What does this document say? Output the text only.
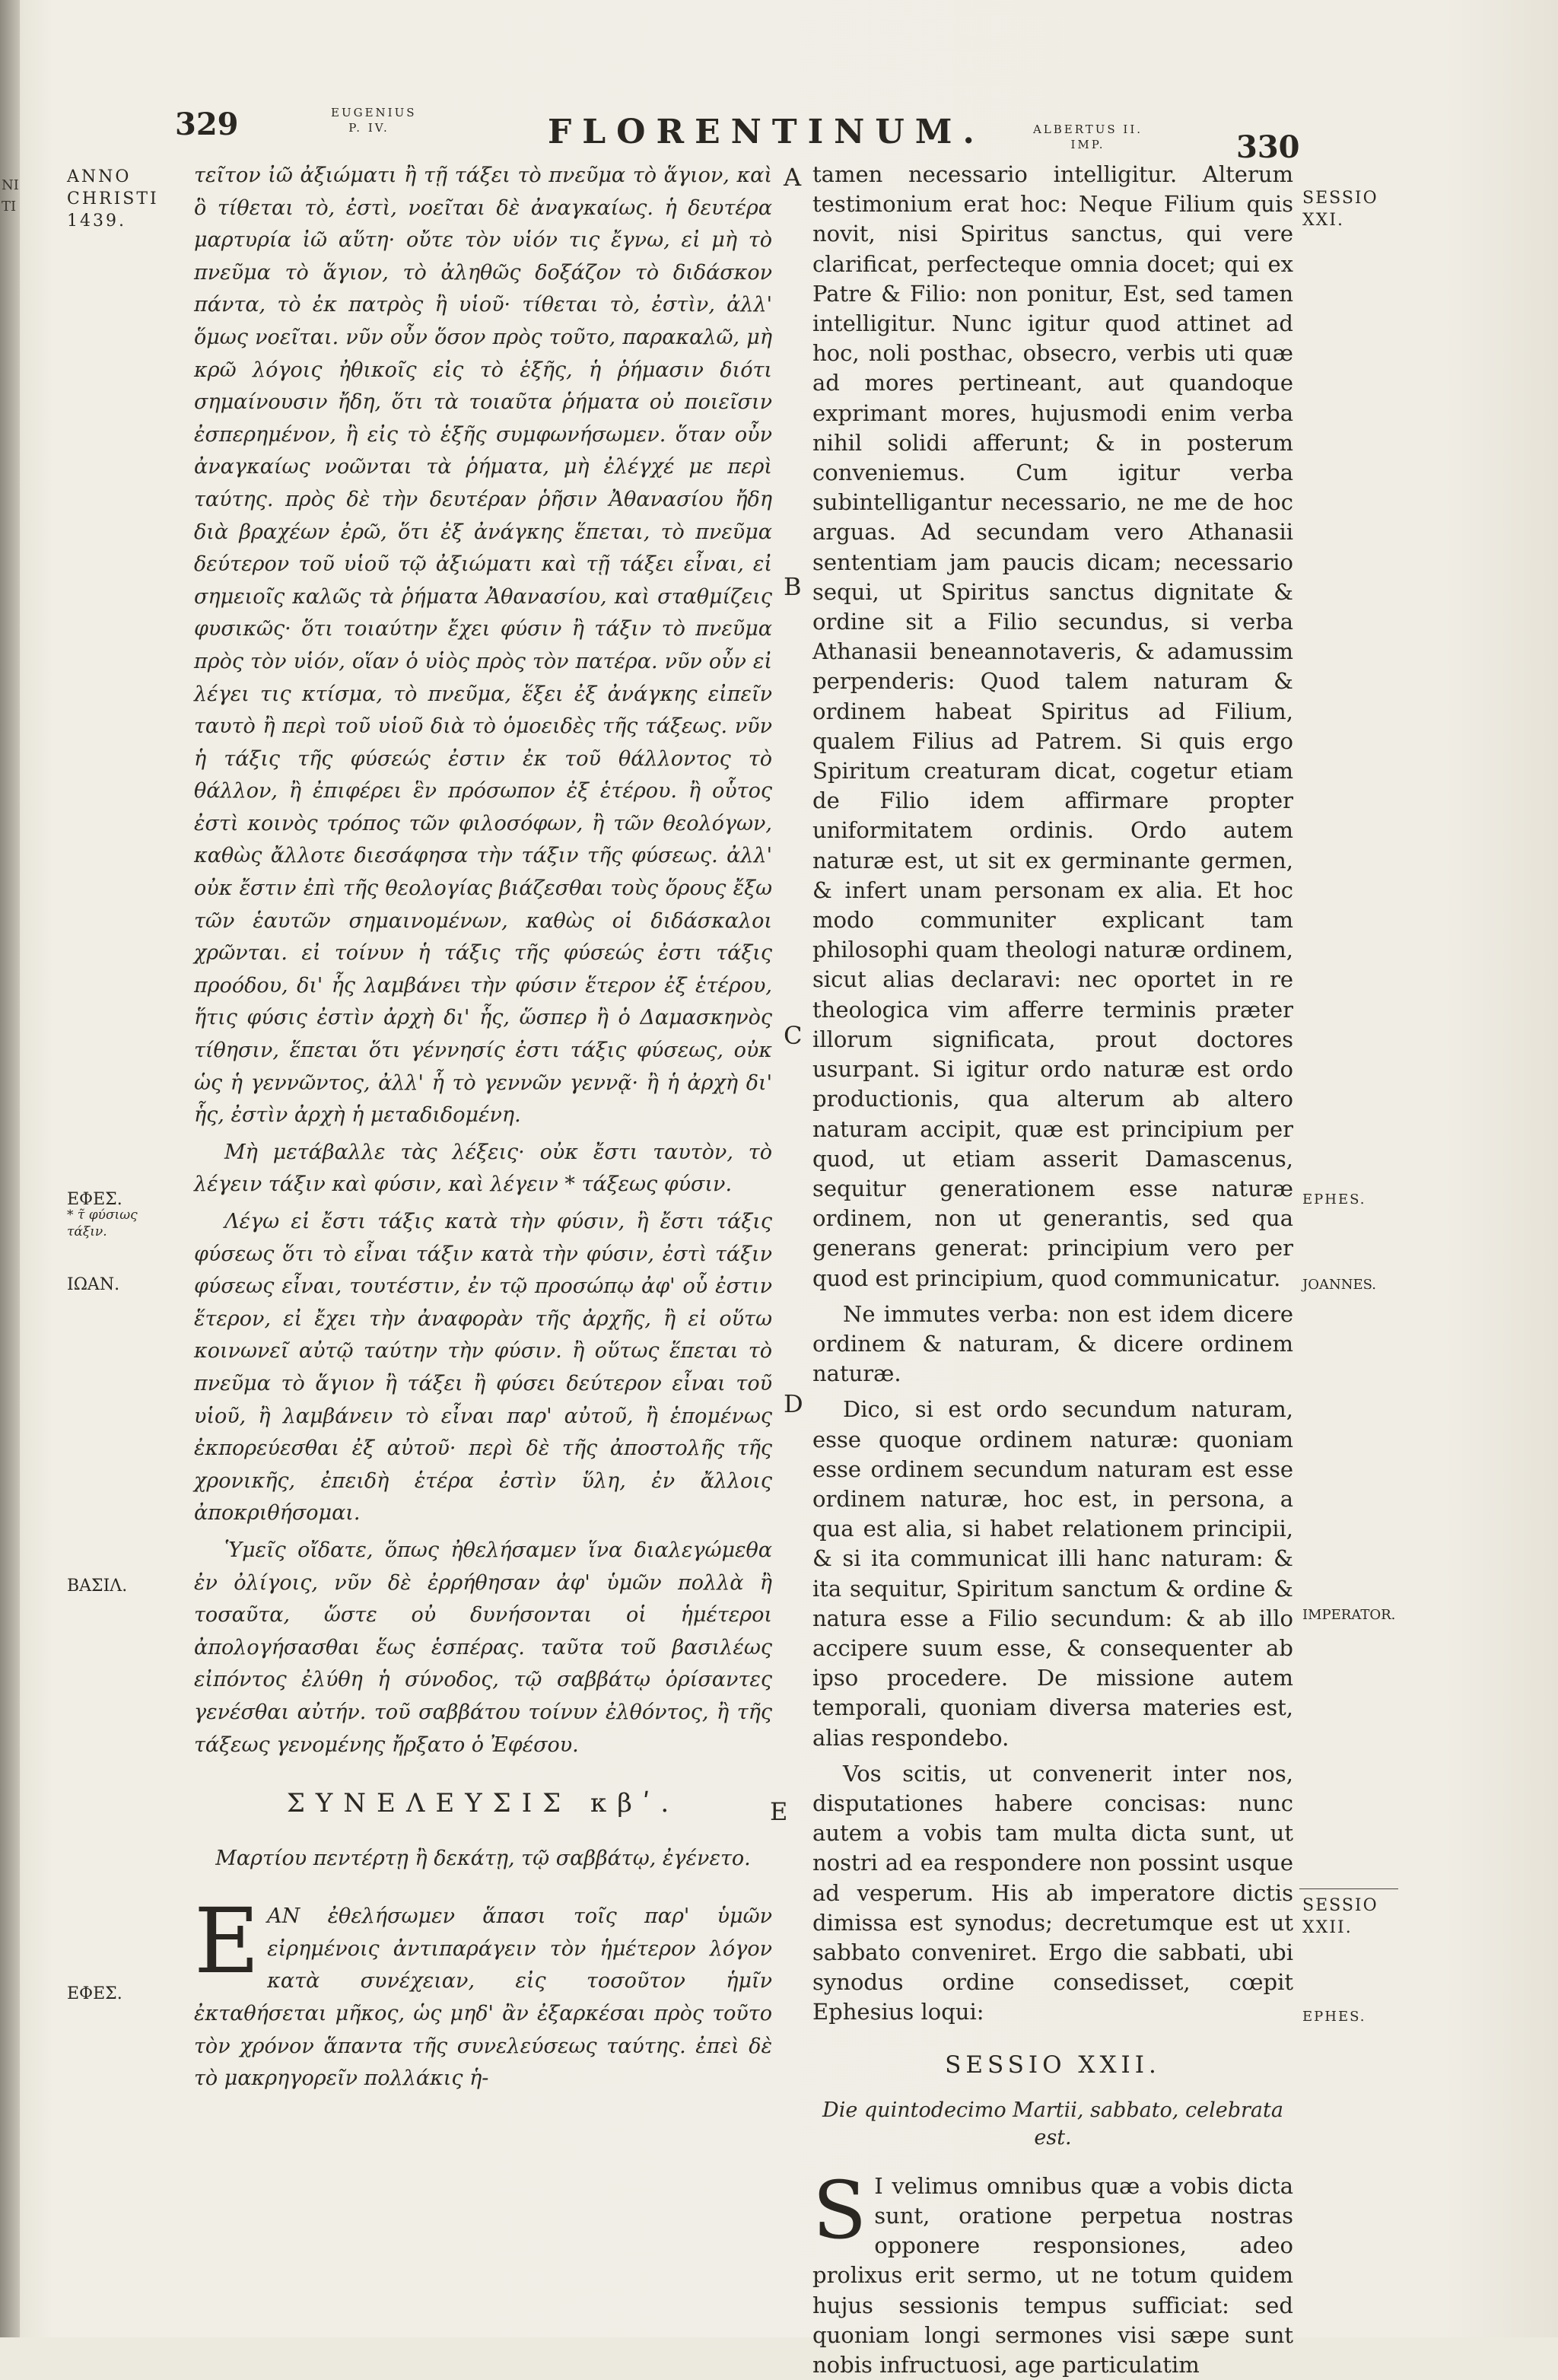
NI
TI
329	EUGENIUS
P. IV.	FLORENTINUM.	ALBERTUS II.
IMP.	330
ANNO
CHRISTI
1439.
ΕΦΕΣ.
* τ̃ φύσιως
τάξιν.
ΙΩΑΝ.
ΒΑΣΙΛ.
ΕΦΕΣ.
SESSIO
XXI.
EPHES.
JOANNES.
IMPERATOR.
SESSIO
XXII.
EPHES.
A
B
C
D
E

τεῖτον ἰῶ ἀξιώματι ἢ τῇ τάξει τὸ πνεῦμα τὸ ἅγιον, καὶ ὃ τίθεται τὸ, ἐστὶ, νοεῖται δὲ ἀναγκαίως. ἡ δευτέρα μαρτυρία ἰῶ αὕτη· οὔτε τὸν υἱόν τις ἔγνω, εἰ μὴ τὸ πνεῦμα τὸ ἅγιον, τὸ ἀληθῶς δοξάζον τὸ διδάσκον πάντα, τὸ ἐκ πατρὸς ἢ υἱοῦ· τίθεται τὸ, ἐστὶν, ἀλλ' ὅμως νοεῖται. νῦν οὖν ὅσον πρὸς τοῦτο, παρακαλῶ, μὴ κρῶ λόγοις ἠθικοῖς εἰς τὸ ἑξῆς, ἡ ῥήμασιν διότι σημαίνουσιν ἤδη, ὅτι τὰ τοιαῦτα ῥήματα οὐ ποιεῖσιν ἐσπερημένον, ἢ εἰς τὸ ἑξῆς συμφωνήσωμεν. ὅταν οὖν ἀναγκαίως νοῶνται τὰ ῥήματα, μὴ ἐλέγχέ με περὶ ταύτης. πρὸς δὲ τὴν δευτέραν ῥῆσιν Ἀθανασίου ἤδη διὰ βραχέων ἐρῶ, ὅτι ἐξ ἀνάγκης ἕπεται, τὸ πνεῦμα δεύτερον τοῦ υἱοῦ τῷ ἀξιώματι καὶ τῇ τάξει εἶναι, εἰ σημειοῖς καλῶς τὰ ῥήματα Ἀθανασίου, καὶ σταθμίζεις φυσικῶς· ὅτι τοιαύτην ἔχει φύσιν ἢ τάξιν τὸ πνεῦμα πρὸς τὸν υἱόν, οἵαν ὁ υἱὸς πρὸς τὸν πατέρα. νῦν οὖν εἰ λέγει τις κτίσμα, τὸ πνεῦμα, ἕξει ἐξ ἀνάγκης εἰπεῖν ταυτὸ ἢ περὶ τοῦ υἱοῦ διὰ τὸ ὁμοειδὲς τῆς τάξεως. νῦν ἡ τάξις τῆς φύσεώς ἐστιν ἐκ τοῦ θάλλοντος τὸ θάλλον, ἢ ἐπιφέρει ἓν πρόσωπον ἐξ ἑτέρου. ἢ οὗτος ἐστὶ κοινὸς τρόπος τῶν φιλοσόφων, ἢ τῶν θεολόγων, καθὼς ἄλλοτε διεσάφησα τὴν τάξιν τῆς φύσεως. ἀλλ' οὐκ ἔστιν ἐπὶ τῆς θεολογίας βιάζεσθαι τοὺς ὅρους ἔξω τῶν ἑαυτῶν σημαινομένων, καθὼς οἱ διδάσκαλοι χρῶνται. εἰ τοίνυν ἡ τάξις τῆς φύσεώς ἐστι τάξις προόδου, δι' ἧς λαμβάνει τὴν φύσιν ἕτερον ἐξ ἑτέρου, ἥτις φύσις ἐστὶν ἀρχὴ δι' ἧς, ὥσπερ ἢ ὁ Δαμασκηνὸς τίθησιν, ἕπεται ὅτι γέννησίς ἐστι τάξις φύσεως, οὐκ ὡς ἡ γεννῶντος, ἀλλ' ἧ τὸ γεννῶν γεννᾷ· ἢ ἡ ἀρχὴ δι' ἧς, ἐστὶν ἀρχὴ ἡ μεταδιδομένη.

Μὴ μετάβαλλε τὰς λέξεις· οὐκ ἔστι ταυτὸν, τὸ λέγειν τάξιν καὶ φύσιν, καὶ λέγειν * τάξεως φύσιν.

Λέγω εἰ ἔστι τάξις κατὰ τὴν φύσιν, ἢ ἔστι τάξις φύσεως ὅτι τὸ εἶναι τάξιν κατὰ τὴν φύσιν, ἐστὶ τάξιν φύσεως εἶναι, τουτέστιν, ἐν τῷ προσώπῳ ἀφ' οὗ ἐστιν ἕτερον, εἰ ἔχει τὴν ἀναφορὰν τῆς ἀρχῆς, ἢ εἰ οὕτω κοινωνεῖ αὐτῷ ταύτην τὴν φύσιν. ἢ οὕτως ἕπεται τὸ πνεῦμα τὸ ἅγιον ἢ τάξει ἢ φύσει δεύτερον εἶναι τοῦ υἱοῦ, ἢ λαμβάνειν τὸ εἶναι παρ' αὐτοῦ, ἢ ἑπομένως ἐκπορεύεσθαι ἐξ αὐτοῦ· περὶ δὲ τῆς ἀποστολῆς τῆς χρονικῆς, ἐπειδὴ ἑτέρα ἐστὶν ὕλη, ἐν ἄλλοις ἀποκριθήσομαι.

Ὑμεῖς οἴδατε, ὅπως ἠθελήσαμεν ἵνα διαλεγώμεθα ἐν ὀλίγοις, νῦν δὲ ἐρρήθησαν ἀφ' ὑμῶν πολλὰ ἢ τοσαῦτα, ὥστε οὐ δυνήσονται οἱ ἡμέτεροι ἀπολογήσασθαι ἕως ἑσπέρας. ταῦτα τοῦ βασιλέως εἰπόντος ἐλύθη ἡ σύνοδος, τῷ σαββάτῳ ὁρίσαντες γενέσθαι αὐτήν. τοῦ σαββάτου τοίνυν ἐλθόντος, ἢ τῆς τάξεως γενομένης ἤρξατο ὁ Ἐφέσου.

ΣΥΝΕΛΕΥΣΙΣ κβʹ.

Μαρτίου πεντέρτῃ ἢ δεκάτῃ, τῷ σαββάτῳ, ἐγένετο.

EΑΝ ἐθελήσωμεν ἅπασι τοῖς παρ' ὑμῶν εἰρημένοις ἀντιπαράγειν τὸν ἡμέτερον λόγον κατὰ συνέχειαν, εἰς τοσοῦτον ἡμῖν ἐκταθήσεται μῆκος, ὡς μηδ' ἂν ἐξαρκέσαι πρὸς τοῦτο τὸν χρόνον ἅπαντα τῆς συνελεύσεως ταύτης. ἐπεὶ δὲ τὸ μακρηγορεῖν πολλάκις ἡ-

tamen necessario intelligitur. Alterum testimonium erat hoc: Neque Filium quis novit, nisi Spiritus sanctus, qui vere clarificat, perfecteque omnia docet; qui ex Patre & Filio: non ponitur, Est, sed tamen intelligitur. Nunc igitur quod attinet ad hoc, noli posthac, obsecro, verbis uti quæ ad mores pertineant, aut quandoque exprimant mores, hujusmodi enim verba nihil solidi afferunt; & in posterum conveniemus. Cum igitur verba subintelligantur necessario, ne me de hoc arguas. Ad secundam vero Athanasii sententiam jam paucis dicam; necessario sequi, ut Spiritus sanctus dignitate & ordine sit a Filio secundus, si verba Athanasii beneannotaveris, & adamussim perpenderis: Quod talem naturam & ordinem habeat Spiritus ad Filium, qualem Filius ad Patrem. Si quis ergo Spiritum creaturam dicat, cogetur etiam de Filio idem affirmare propter uniformitatem ordinis. Ordo autem naturæ est, ut sit ex germinante germen, & infert unam personam ex alia. Et hoc modo communiter explicant tam philosophi quam theologi naturæ ordinem, sicut alias declaravi: nec oportet in re theologica vim afferre terminis præter illorum significata, prout doctores usurpant. Si igitur ordo naturæ est ordo productionis, qua alterum ab altero naturam accipit, quæ est principium per quod, ut etiam asserit Damascenus, sequitur generationem esse naturæ ordinem, non ut generantis, sed qua generans generat: principium vero per quod est principium, quod communicatur.

Ne immutes verba: non est idem dicere ordinem & naturam, & dicere ordinem naturæ.

Dico, si est ordo secundum naturam, esse quoque ordinem naturæ: quoniam esse ordinem secundum naturam est esse ordinem naturæ, hoc est, in persona, a qua est alia, si habet relationem principii, & si ita communicat illi hanc naturam: & ita sequitur, Spiritum sanctum & ordine & natura esse a Filio secundum: & ab illo accipere suum esse, & consequenter ab ipso procedere. De missione autem temporali, quoniam diversa materies est, alias respondebo.

Vos scitis, ut convenerit inter nos, disputationes habere concisas: nunc autem a vobis tam multa dicta sunt, ut nostri ad ea respondere non possint usque ad vesperum. His ab imperatore dictis dimissa est synodus; decretumque est ut sabbato conveniret. Ergo die sabbati, ubi synodus ordine consedisset, cœpit Ephesius loqui:

SESSIO XXII.

Die quintodecimo Martii, sabbato, celebrata est.

S I velimus omnibus quæ a vobis dicta sunt, oratione perpetua nostras opponere responsiones, adeo prolixus erit sermo, ut ne totum quidem hujus sessionis tempus sufficiat: sed quoniam longi sermones visi sæpe sunt nobis infructuosi, age particulatim
